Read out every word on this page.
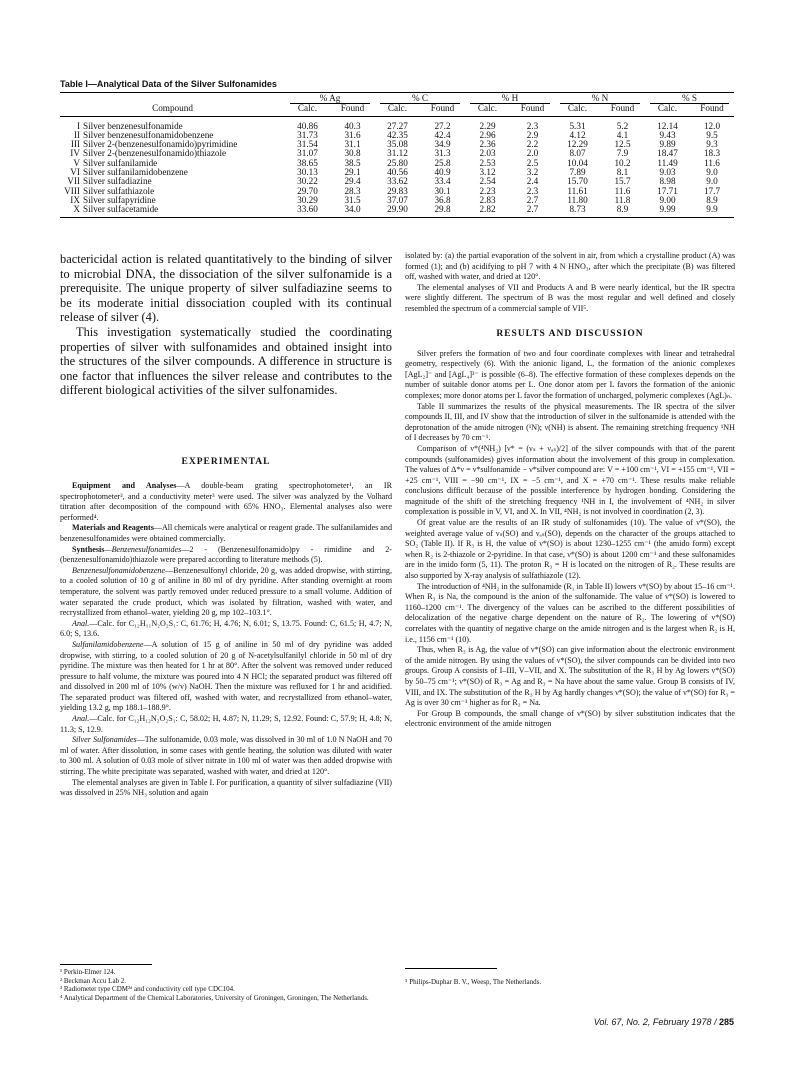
Table I—Analytical Data of the Silver Sulfonamides
	% Ag		% C		% H		% N		% S	
Compound	Calc.	Found	Calc.	Found	Calc.	Found	Calc.	Found	Calc.	Found
I Silver benzenesulfonamide	40.86	40.3	27.27	27.2	2.29	2.3	5.31	5.2	12.14	12.0
II Silver benzenesulfonamidobenzene	31.73	31.6	42.35	42.4	2.96	2.9	4.12	4.1	9.43	9.5
III Silver 2-(benzenesulfonamido)pyrimidine	31.54	31.1	35.08	34.9	2.36	2.2	12.29	12.5	9.89	9.3
IV Silver 2-(benzenesulfonamido)thiazole	31.07	30.8	31.12	31.3	2.03	2.0	8.07	7.9	18.47	18.3
V Silver sulfanilamide	38.65	38.5	25.80	25.8	2.53	2.5	10.04	10.2	11.49	11.6
VI Silver sulfanilamidobenzene	30.13	29.1	40.56	40.9	3.12	3.2	7.89	8.1	9.03	9.0
VII Silver sulfadiazine	30.22	29.4	33.62	33.4	2.54	2.4	15.70	15.7	8.98	9.0
VIII Silver sulfathiazole	29.70	28.3	29.83	30.1	2.23	2.3	11.61	11.6	17.71	17.7
IX Silver sulfapyridine	30.29	31.5	37.07	36.8	2.83	2.7	11.80	11.8	9.00	8.9
X Silver sulfacetamide	33.60	34.0	29.90	29.8	2.82	2.7	8.73	8.9	9.99	9.9

bactericidal action is related quantitatively to the binding of silver to microbial DNA, the dissociation of the silver sulfonamide is a prerequisite. The unique property of silver sulfadiazine seems to be its moderate initial dissociation coupled with its continual release of silver (4).

This investigation systematically studied the coordinating properties of silver with sulfonamides and obtained insight into the structures of the silver compounds. A difference in structure is one factor that influences the silver release and contributes to the different biological activities of the silver sulfonamides.

EXPERIMENTAL

Equipment and Analyses—A double-beam grating spectrophotometer¹, an IR spectrophotometer², and a conductivity meter³ were used. The silver was analyzed by the Volhard titration after decomposition of the compound with 65% HNO₃. Elemental analyses also were performed⁴.

Materials and Reagents—All chemicals were analytical or reagent grade. The sulfanilamides and benzenesulfonamides were obtained commercially.

Synthesis—Benzenesulfonamides—2 - (Benzenesulfonamido)py - rimidine and 2-(benzenesulfonamido)thiazole were prepared according to literature methods (5).

Benzenesulfonamidobenzene—Benzenesulfonyl chloride, 20 g, was added dropwise, with stirring, to a cooled solution of 10 g of aniline in 80 ml of dry pyridine. After standing overnight at room temperature, the solvent was partly removed under reduced pressure to a small volume. Addition of water separated the crude product, which was isolated by filtration, washed with water, and recrystallized from ethanol–water, yielding 20 g, mp 102–103.1°.

Anal.—Calc. for C₁₂H₁₁N₂O₂S₁: C, 61.76; H, 4.76; N, 6.01; S, 13.75. Found: C, 61.5; H, 4.7; N, 6.0; S, 13.6.

Sulfanilamidobenzene—A solution of 15 g of aniline in 50 ml of dry pyridine was added dropwise, with stirring, to a cooled solution of 20 g of N-acetylsulfanilyl chloride in 50 ml of dry pyridine. The mixture was then heated for 1 hr at 80°. After the solvent was removed under reduced pressure to half volume, the mixture was poured into 4 N HCl; the separated product was filtered off and dissolved in 200 ml of 10% (w/v) NaOH. Then the mixture was refluxed for 1 hr and acidified. The separated product was filtered off, washed with water, and recrystallized from ethanol–water, yielding 13.2 g, mp 188.1–188.9°.

Anal.—Calc. for C₁₂H₁₂N₂O₂S₁: C, 58.02; H, 4.87; N, 11.29; S, 12.92. Found: C, 57.9; H, 4.8; N, 11.3; S, 12.9.

Silver Sulfonamides—The sulfonamide, 0.03 mole, was dissolved in 30 ml of 1.0 N NaOH and 70 ml of water. After dissolution, in some cases with gentle heating, the solution was diluted with water to 300 ml. A solution of 0.03 mole of silver nitrate in 100 ml of water was then added dropwise with stirring. The white precipitate was separated, washed with water, and dried at 120°.

The elemental analyses are given in Table I. For purification, a quantity of silver sulfadiazine (VII) was dissolved in 25% NH₃ solution and again

¹ Perkin-Elmer 124.
² Beckman Accu Lab 2.
³ Radiometer type CDM²ᵈ and conductivity cell type CDC104.
⁴ Analytical Department of the Chemical Laboratories, University of Groningen, Groningen, The Netherlands.

isolated by: (a) the partial evaporation of the solvent in air, from which a crystalline product (A) was formed (1); and (b) acidifying to pH 7 with 4 N HNO₃, after which the precipitate (B) was filtered off, washed with water, and dried at 120°.

The elemental analyses of VII and Products A and B were nearly identical, but the IR spectra were slightly different. The spectrum of B was the most regular and well defined and closely resembled the spectrum of a commercial sample of VII⁵.

RESULTS AND DISCUSSION

Silver prefers the formation of two and four coordinate complexes with linear and tetrahedral geometry, respectively (6). With the anionic ligand, L, the formation of the anionic complexes [AgL₂]⁻ and [AgL₄]³⁻ is possible (6–8). The effective formation of these complexes depends on the number of suitable donor atoms per L. One donor atom per L favors the formation of the anionic complexes; more donor atoms per L favor the formation of uncharged, polymeric complexes (AgL)ₙ.

Table II summarizes the results of the physical measurements. The IR spectra of the silver compounds II, III, and IV show that the introduction of silver in the sulfonamide is attended with the deprotonation of the amide nitrogen (¹N); ν(NH) is absent. The remaining stretching frequency ¹NH of I decreases by 70 cm⁻¹.

Comparison of ν*(⁴NH₂) [ν* = (νₛ + νₐₛ)/2] of the silver compounds with that of the parent compounds (sulfonamides) gives information about the involvement of this group in complexation. The values of Δ*ν = ν*sulfonamide − ν*silver compound are: V = +100 cm⁻¹, VI = +155 cm⁻¹, VII = +25 cm⁻¹, VIII = −90 cm⁻¹, IX = −5 cm⁻¹, and X = +70 cm⁻¹. These results make reliable conclusions difficult because of the possible interference by hydrogen bonding. Considering the magnitude of the shift of the stretching frequency ¹NH in I, the involvement of ⁴NH₂ in silver complexation is possible in V, VI, and X. In VII, ⁴NH₂ is not involved in coordination (2, 3).

Of great value are the results of an IR study of sulfonamides (10). The value of ν*(SO), the weighted average value of νₛ(SO) and νₐₛ(SO), depends on the character of the groups attached to SO₂ (Table II). If R₃ is H, the value of ν*(SO) is about 1230–1255 cm⁻¹ (the amido form) except when R₂ is 2-thiazole or 2-pyridine. In that case, ν*(SO) is about 1200 cm⁻¹ and these sulfonamides are in the imido form (5, 11). The proton R₃ = H is located on the nitrogen of R₂. These results are also supported by X-ray analysis of sulfathiazole (12).

The introduction of ⁴NH₂ in the sulfonamide (R₁ in Table II) lowers ν*(SO) by about 15–16 cm⁻¹. When R₃ is Na, the compound is the anion of the sulfonamide. The value of ν*(SO) is lowered to 1160–1200 cm⁻¹. The divergency of the values can be ascribed to the different possibilities of delocalization of the negative charge dependent on the nature of R₂. The lowering of ν*(SO) correlates with the quantity of negative charge on the amide nitrogen and is the largest when R₂ is H, i.e., 1156 cm⁻¹ (10).

Thus, when R₃ is Ag, the value of ν*(SO) can give information about the electronic environment of the amide nitrogen. By using the values of ν*(SO), the silver compounds can be divided into two groups. Group A consists of I–III, V–VII, and X. The substitution of the R₃ H by Ag lowers ν*(SO) by 50–75 cm⁻¹; ν*(SO) of R₃ = Ag and R₃ = Na have about the same value. Group B consists of IV, VIII, and IX. The substitution of the R₃ H by Ag hardly changes ν*(SO); the value of ν*(SO) for R₃ = Ag is over 30 cm⁻¹ higher as for R₃ = Na.

For Group B compounds, the small change of ν*(SO) by silver substitution indicates that the electronic environment of the amide nitrogen

⁵ Philips-Duphar B. V., Weesp, The Netherlands.
Vol. 67, No. 2, February 1978 / 285
